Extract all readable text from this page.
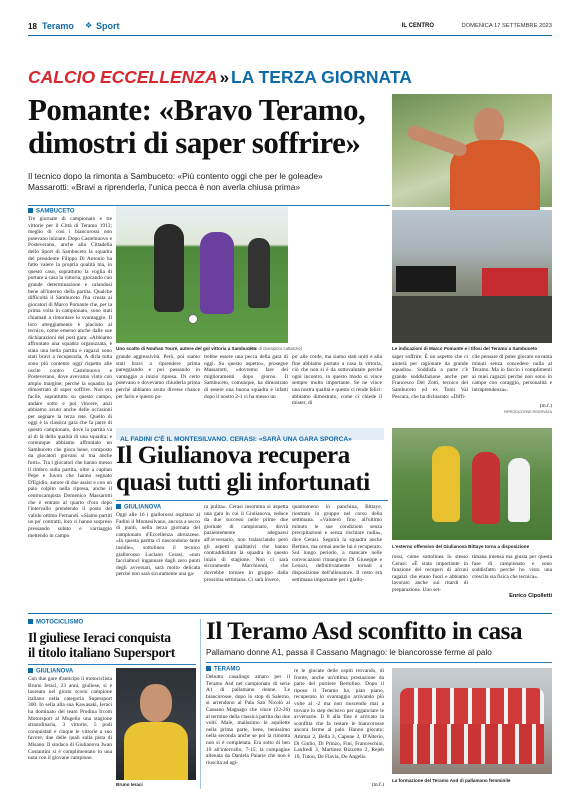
18 Teramo ❖ Sport	IL CENTRO	DOMENICA 17 SETTEMBRE 2023
CALCIO ECCELLENZA » LA TERZA GIORNATA
Pomante: «Bravo Teramo,
dimostri di saper soffrire»
Il tecnico dopo la rimonta a Sambuceto: «Più contento oggi che per le goleade»
Massarotti: «Bravi a riprenderla, l'unica pecca è non averla chiusa prima»
SAMBUCETO
Tre giornate di campionato e tre vittorie per il Città di Teramo 1913; meglio di così i biancorossi non potevano iniziare. Dopo Castelnuovo e Posteverano, anche alla Cittadella dello Sport di Sambuceto la squadra del presidente Filippo Di Antonio ha fatto valere la propria qualità ma, in questo caso, soprattutto la voglia di portare a casa la vittoria; giocando con grande determinazione e calandosi bene all'interno della partita. Qualche difficoltà il Sambuceto l'ha creata ai giocatori di Marco Pomante che, per la prima volta in campionato, sono stati chiamati a rimontare lo svantaggio. Il loro atteggiamento è piaciuto al tecnico, come emerso anche dalle sue dichiarazioni del post gara: «Abbiamo affrontato una squadra organizzata, è stata una bella partita e ragazzi sono stati bravi a recuperarla. A dirla tutta sono più contento oggi rispetto alle uscite contro Castelnuovo e Posteverano, dove avevamo vinto con ampio margine; perché la squadra ha dimostrato di saper soffrire. Non era facile, soprattutto su questo campo, andare sotto e poi vincere, anzi abbiamo avuto anche delle occasioni per segnare la terza rete. Quello di oggi è la classica gara che fa parte di questo campionato, dove la partita va al di là della qualità di una squadra; e comunque abbiamo affrontato un Sambuceto che gioca bene, composto da giocatori giovani si ma anche forti». Tra i giocatori che hanno messo il timbro sulla partita, oltre a capitan Pepe e Iuvon che hanno segnato D'Egidio, autore di due assist e con un palo colpito nella ripresa, anche il centrocampista Domenico Massarotti che è entrato al quarto d'ora dopo l'intervallo prendendo il posto del valido ottimo Fernandi. «Siamo partiti un po' contratti, loro ci hanno sorpreso pressando subito e varriaggio mettendo in campo
Uno scatto di Nouhan Touré, autore del gol vittoria a Sambuceto
(foto di Giampiero Lattanzio)	Le indicazioni di Marco Pomante e i tifosi del Teramo a Sambuceto
grande aggressività. Però, poi siamo stati bravi a riprendere prima pareggiando e poi passando in vantaggio a inizio ripresa. Di certo potevano e dovevamo chiuderla prima perché abbiamo avuto diverse chance per farlo e questo po-
trebbe essere una pecca della gara di oggi. Su questo aspetto», prosegue Massarotti, «dovremo fare dei miglioramenti dopo giorno. Il Sambuceto, comunque, ha dimostrato di essere una buona squadra e infatti dopo il nostro 2-1 ci ha messo un
po' alle corde, ma siamo stati uniti e alla fine abbiamo portato a casa la vittoria, ciò che non si è da sottovalutare perché ogni incontro, in questo modo si vince sempre molto importante. Se ne vince una nostra qualità e questo ci rende felici: abbiamo dimostrato, come ci chiede il mister, di
saper soffrire. È un aspetto che ci aiuterà per ragionare da grande squadra». Soddisfa a parte c'è grande soddisfazione anche per Francesco Del Zotti, tecnico del Sambuceto ed ex Tomi Val Pescara, che ha dichiarato: «Diffi-
cile pensare di poter giocare novanta minuti senza concedere nulla al Teramo. Ma io faccio i complimenti ai miei ragazzi perché non sono in campo con coraggio, personalità e intraprendenza».
(m.f.)
RIPRODUZIONE RISERVATA
AL FADINI C'È IL MONTESILVANO. CERASI: «SARÀ UNA GARA SPORCA»
Il Giulianova recupera
quasi tutti gli infortunati
GIULIANOVA
Oggi alle 16 i giallorossi ospitano al Fadini il Montesilvano, ancora a secco di punti, nella terza giornata del campionato d'Eccellenza abruzzese. «In questa partita ci nascondono tante insidie», sottolinea il tecnico giallorosso Luciano Cerasi, «non facciamoci ingannare dagli zero punti degli avversari, sarà molto delicata perché non sarà sicuramente una ga-
ra pulita». Cerasi insomma si aspetta una gara in cui il Giulianova, reduce da due successi nelle prime due giornate di campionato, dovrà pazientemente adeguarsi all'avversario, non tralasciando però gli aspetti qualitativi che hanno contraddistinto la squadra in questo inizio di stagione. Non ci sarà sicuramente Marchionni, che dovrebbe tornare in gruppo dalla prossima settimana. Ci sarà invece,
quantomeno in panchina, Bittaye, rientrato in gruppo nel corso della settimana. «Valuterò fino all'ultimo minuto le sue condizioni senza precipitazioni e senza rischiare nulla», dice Cerasi. Seguirà la squadra anche Bertino, ma ormai anche lui è recuperato. Sul lungo periodo, a mancare nelle convocazioni rimangono Di Giuseppe e Leonzi, definitivamente tornati a disposizione dell'allenatore. Il resto era settimana importante per i giallo-
L'esterno offensivo del Giulianova Bittaye torna a disposizione
rossi, come sottolinea lo stesso Cerasi: «È stata importante in funzione dei recuperi di alcuni ragazzi che erano fuori e abbiamo lavorato anche sui ritardi di preparazione. Uno set-
timana intensa ma giusta per questa fase di campionato e sono soddisfatto perché ho visto una crescita sia fisica che tecnica».
Enrico Cipolletti
MOTOCICLISMO
Il giuliese Ieraci conquista
il titolo italiano Supersport
GIULIANOVA
Con due gare d'anticipo il motociclista Bruno Ieraci, 23 anni, giuliese, si è laureato nel giorni scorsi campione italiano nella categoria Supersport 300. In sella alla sua Kawasaki, Ieraci ha dominato del team Prodina Ircom Motorsport al Mugello una stagione straordinaria, 3 vittorie, 5 podi conquistati e cinque le vittorie a suo favore, due delle quali sulla pista di Misano. Il sindaco di Giulianova Jwan Costantini si è complimentato in una nota con il giovane campione.
Bruno Ieraci
Il Teramo Asd sconfitto in casa
Pallamano donne A1, passa il Cassano Magnago: le biancorosse ferme al palo
TERAMO
Debutto casalingo amaro per il Teramo Asd nel campionato di serie A1 di pallamano donne. Le biancorosse, dopo lo stop di Salerno, si arrendono al Pala San Nicolò al Cassano Magnago che vince (22-26) al termine della classica partita dai due volti. Male, malissimo le aquilette nella prima parte, bene, benissimo nella seconda anche se poi la rimonta non si è completata. Era sotto di ben 10 all'intervallo, 7-15, la compagine allenata da Daniela Paiarie che non è riuscita ad agi-
re le giocate delle ospiti trovando, di fronte, anche un'ottima prestazione da parte del portiere Bertolino. Dopo il riposo il Teramo ha, pian piano, recuperato lo svantaggio arrivando più volte al -2 ma non riuscendo mai a trovare lo step decisivo per agganciare le avversarie. Il 8 alla fine è arrivato la sconfitta che fa restare le biancorosse ancora ferme al palo. Hanno giocato: Ammar 2, Bella 3, Capone 2, D'Alterio, Di Giulio, Di Prinzo, Fini, Franceschini, Lanfredi 3, Martinez Bizzotto 2, Rejeb 10, Tutou, De Flavia, De Angelis.
(m.f.)
La formazione del Teramo Asd di pallamano femminile
